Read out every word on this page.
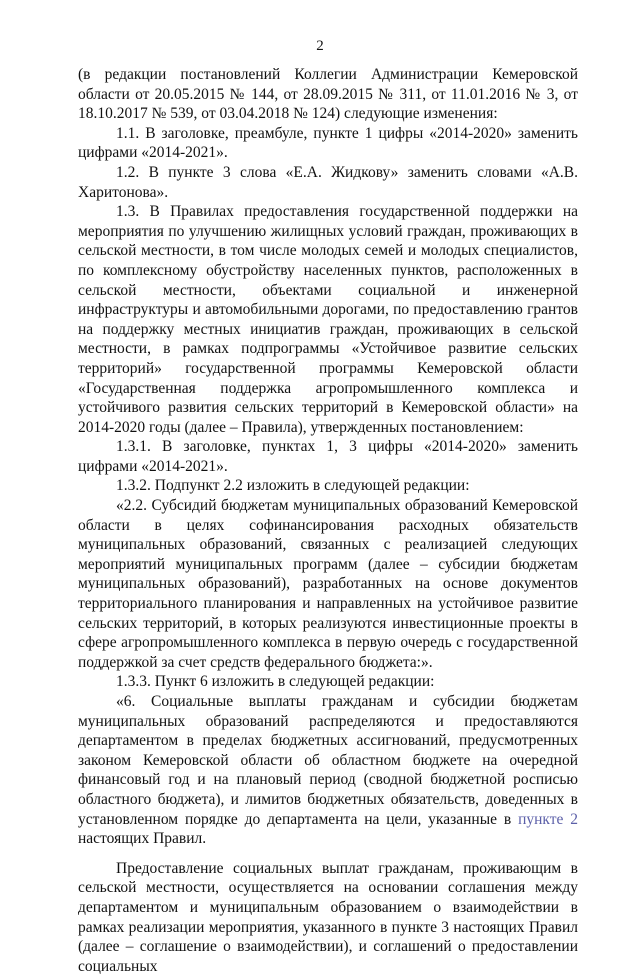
2

(в редакции постановлений Коллегии Администрации Кемеровской области от 20.05.2015 № 144, от 28.09.2015 № 311, от 11.01.2016 № 3, от 18.10.2017 № 539, от 03.04.2018 № 124) следующие изменения:

1.1. В заголовке, преамбуле, пункте 1 цифры «2014-2020» заменить цифрами «2014-2021».

1.2. В пункте 3 слова «Е.А. Жидкову» заменить словами «А.В. Харитонова».

1.3. В Правилах предоставления государственной поддержки на мероприятия по улучшению жилищных условий граждан, проживающих в сельской местности, в том числе молодых семей и молодых специалистов, по комплексному обустройству населенных пунктов, расположенных в сельской местности, объектами социальной и инженерной инфраструктуры и автомобильными дорогами, по предоставлению грантов на поддержку местных инициатив граждан, проживающих в сельской местности, в рамках подпрограммы «Устойчивое развитие сельских территорий» государственной программы Кемеровской области «Государственная поддержка агропромышленного комплекса и устойчивого развития сельских территорий в Кемеровской области» на 2014-2020 годы (далее – Правила), утвержденных постановлением:

1.3.1. В заголовке, пунктах 1, 3 цифры «2014-2020» заменить цифрами «2014-2021».

1.3.2. Подпункт 2.2 изложить в следующей редакции:

«2.2. Субсидий бюджетам муниципальных образований Кемеровской области в целях софинансирования расходных обязательств муниципальных образований, связанных с реализацией следующих мероприятий муниципальных программ (далее – субсидии бюджетам муниципальных образований), разработанных на основе документов территориального планирования и направленных на устойчивое развитие сельских территорий, в которых реализуются инвестиционные проекты в сфере агропромышленного комплекса в первую очередь с государственной поддержкой за счет средств федерального бюджета:».

1.3.3. Пункт 6 изложить в следующей редакции:

«6. Социальные выплаты гражданам и субсидии бюджетам муниципальных образований распределяются и предоставляются департаментом в пределах бюджетных ассигнований, предусмотренных законом Кемеровской области об областном бюджете на очередной финансовый год и на плановый период (сводной бюджетной росписью областного бюджета), и лимитов бюджетных обязательств, доведенных в установленном порядке до департамента на цели, указанные в пункте 2 настоящих Правил.

Предоставление социальных выплат гражданам, проживающим в сельской местности, осуществляется на основании соглашения между департаментом и муниципальным образованием о взаимодействии в рамках реализации мероприятия, указанного в пункте 3 настоящих Правил (далее – соглашение о взаимодействии), и соглашений о предоставлении социальных
